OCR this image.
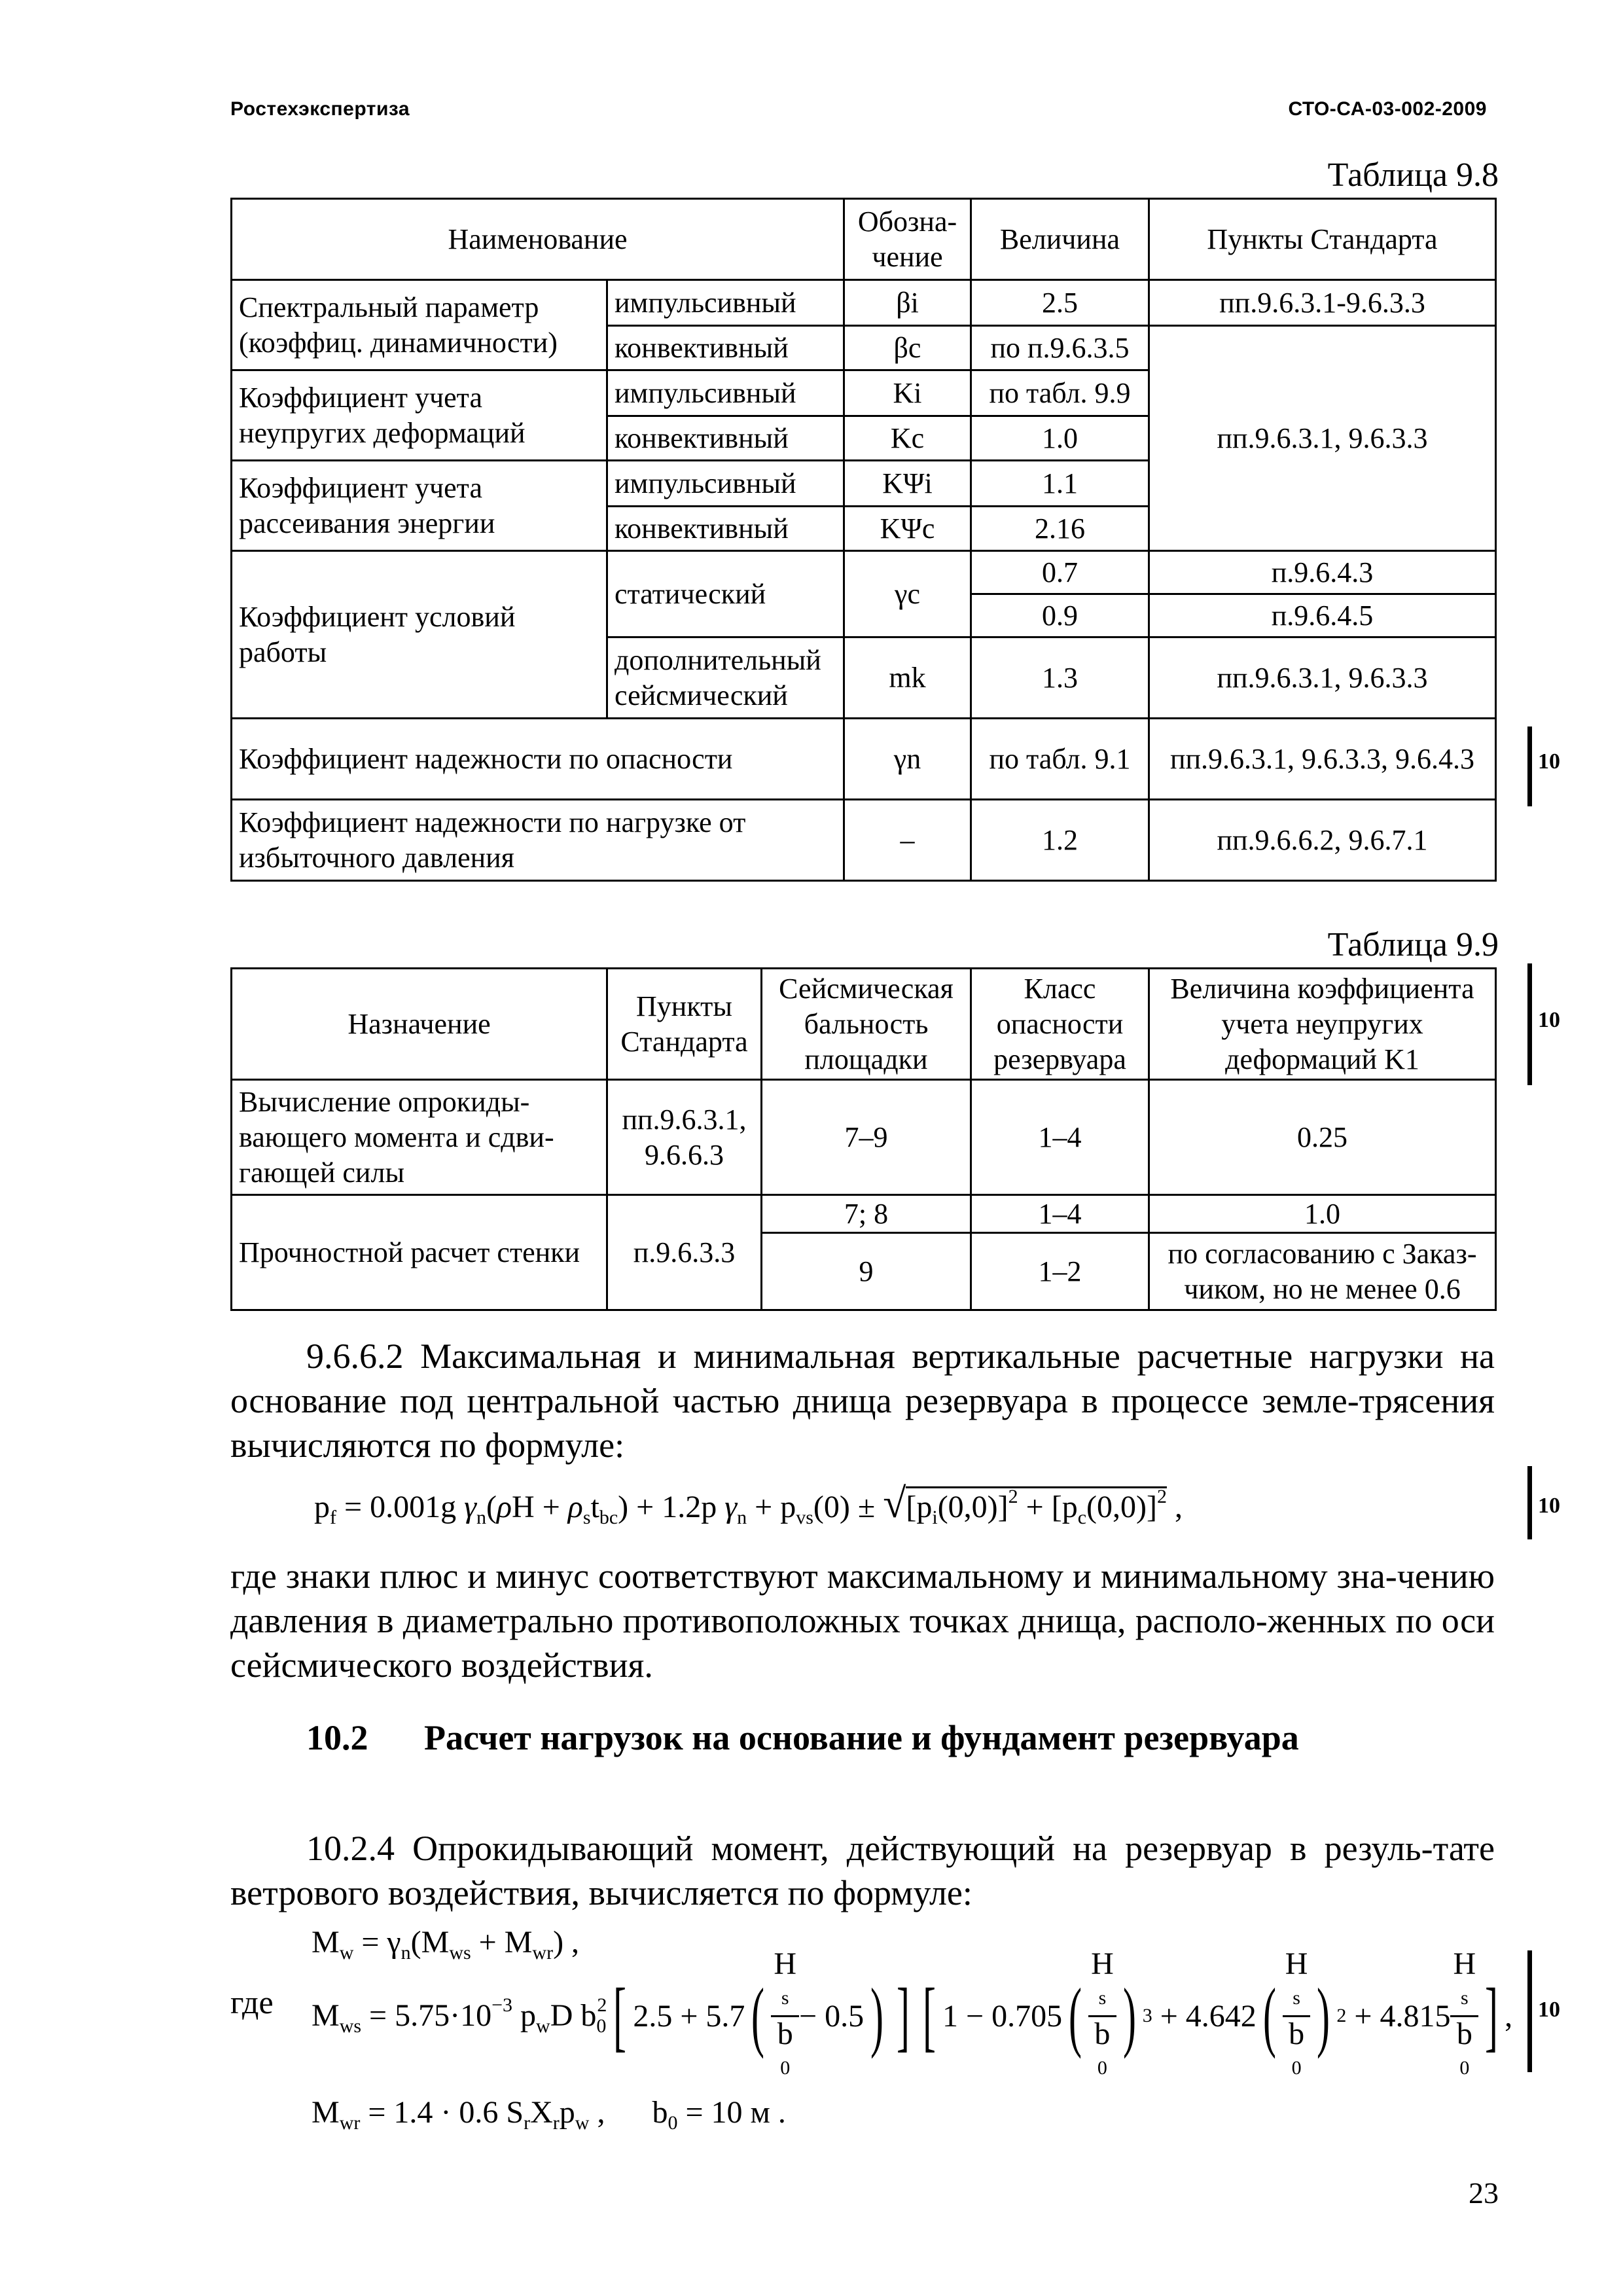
Ростехэкспертиза	СТО-СА-03-002-2009
Таблица 9.8
Наименование		Обозна-чение	Величина	Пункты Стандарта
Спектральный параметр (коэффиц. динамичности)	импульсивный	βi	2.5	пп.9.6.3.1-9.6.3.3
	конвективный	βc	по п.9.6.3.5	пп.9.6.3.1, 9.6.3.3
Коэффициент учета неупругих деформаций	импульсивный	Ki	по табл. 9.9	
	конвективный	Kc	1.0	
Коэффициент учета рассеивания энергии	импульсивный	KΨi	1.1	
	конвективный	KΨc	2.16	
Коэффициент условий работы	статический	γc	0.7	п.9.6.4.3
			0.9	п.9.6.4.5
	дополнительный сейсмический	mk	1.3	пп.9.6.3.1, 9.6.3.3
Коэффициент надежности по опасности		γn	по табл. 9.1	пп.9.6.3.1, 9.6.3.3, 9.6.4.3
Коэффициент надежности по нагрузке от избыточного давления		–	1.2	пп.9.6.6.2, 9.6.7.1
10
Таблица 9.9
Назначение	Пункты Стандарта	Сейсмическая бальность площадки	Класс опасности резервуара	Величина коэффициента учета неупругих деформаций K1
Вычисление опрокиды-вающего момента и сдви-гающей силы	пп.9.6.3.1, 9.6.6.3	7–9	1–4	0.25
Прочностной расчет стенки	п.9.6.3.3	7; 8	1–4	1.0
		9	1–2	по согласованию с Заказ-чиком, но не менее 0.6
10
9.6.6.2 Максимальная и минимальная вертикальные расчетные нагрузки на основание под центральной частью днища резервуара в процессе земле-трясения вычисляются по формуле:
$p_f = 0.001g$ $\gamma_n(\rho H + \rho_st_{bc}) + 1.2p$ $\gamma_n + p_{vs}(0) \pm √[p_i(0,0)]^2 + [p_c(0,0)]^2$ ,	10
где знаки плюс и минус соответствуют максимальному и минимальному зна-чению давления в диаметрально противоположных точках днища, располо-женных по оси сейсмического воздействия.
10.2 Расчет нагрузок на основание и фундамент резервуара
10.2.4 Опрокидывающий момент, действующий на резервуар в резуль-тате ветрового воздействия, вычисляется по формуле:
$M_w = \gamma_n(M_{ws} + M_{wr})$ ,
где $M_{ws} = 5.75\cdot 10^{-3}$ $p_wD$ $b_0^2$ [ 2.5 + 5.7 ( H
s
b
0 − 0.5 ) ] [ 1 − 0.705 ( H
s
b
0 ) 3 + 4.642 ( H
s
b
0 ) 2 + 4.815 H
s
b
0 ] , 10
$M_{wr} = 1.4 \cdot 0.6$ $S_rX_rp_w$ ,      $b_0 = 10$ м .
23
